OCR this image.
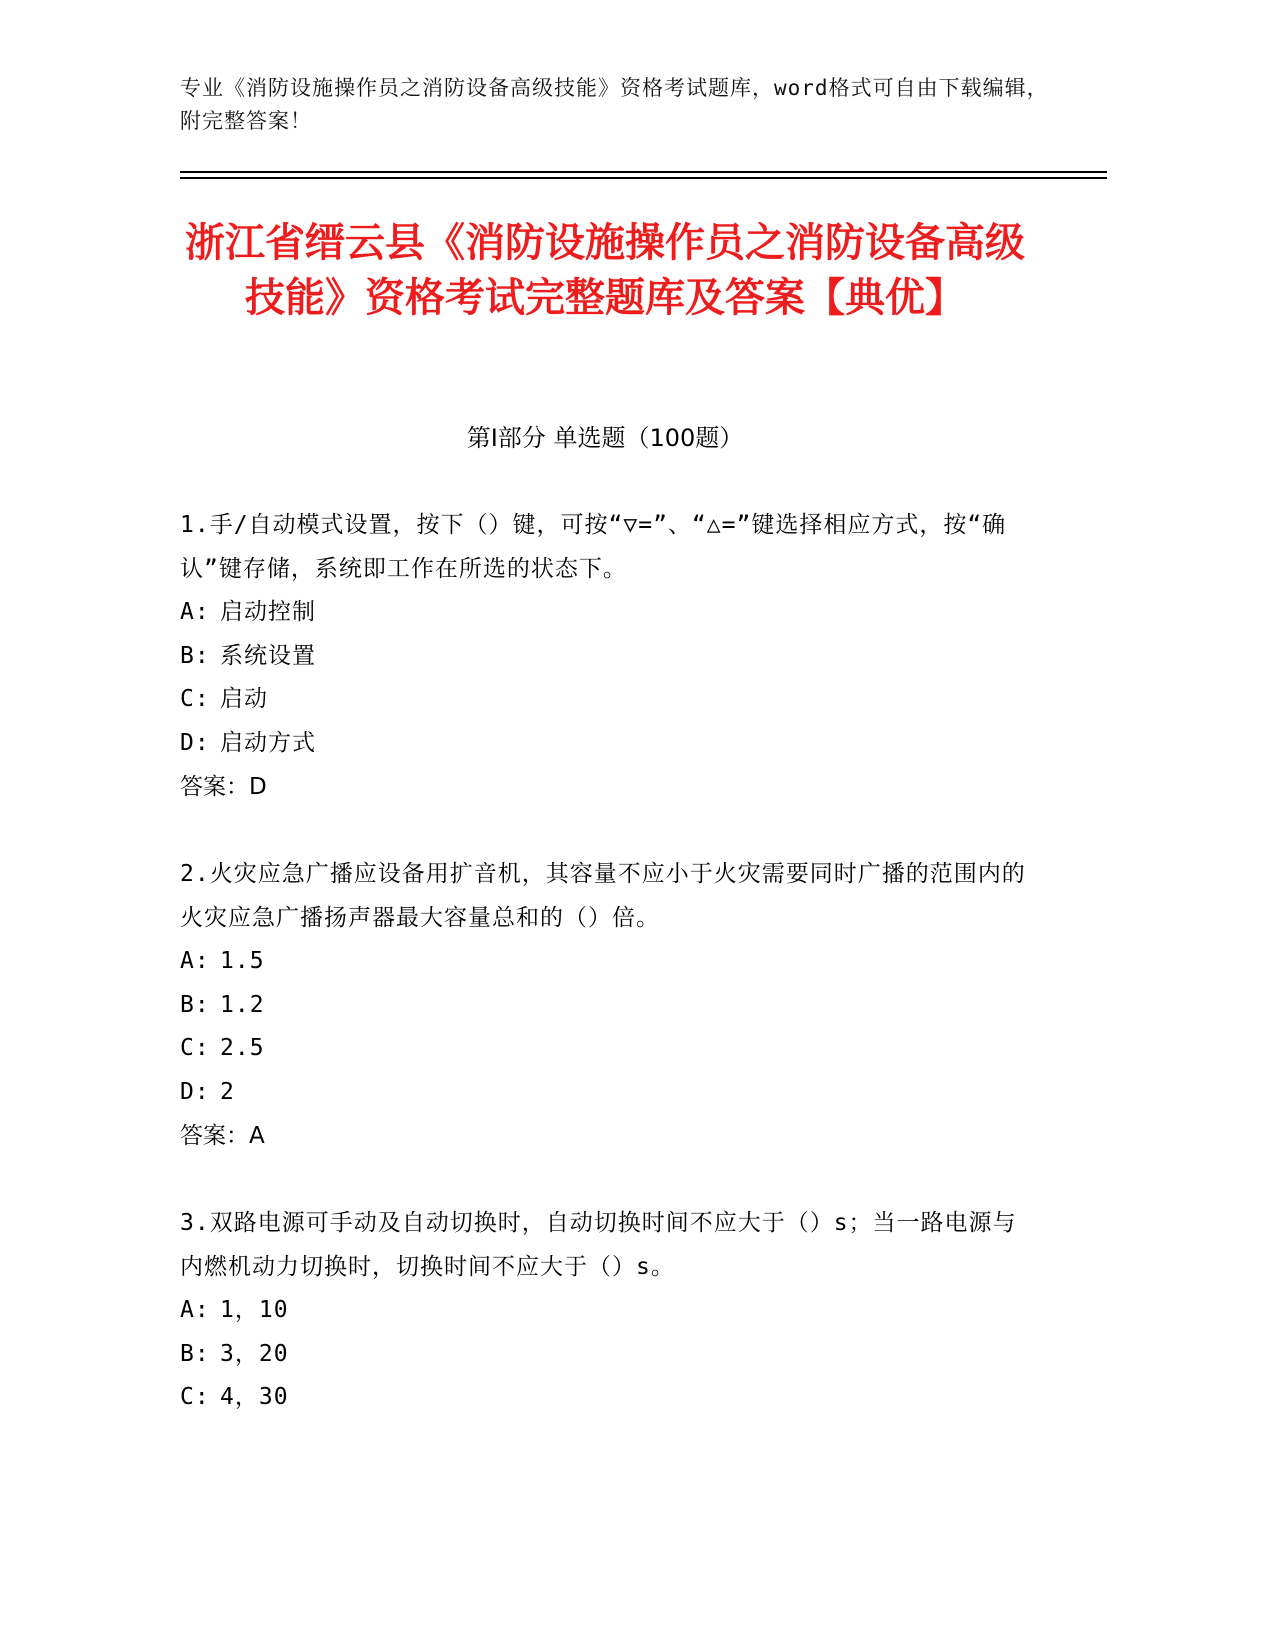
专业《消防设施操作员之消防设备高级技能》资格考试题库，word格式可自由下载编辑，附完整答案！
浙江省缙云县《消防设施操作员之消防设备高级技能》资格考试完整题库及答案【典优】
第Ⅰ部分 单选题（100题）
1.手/自动模式设置，按下（）键，可按“▽=”、“△=”键选择相应方式，按“确认”键存储，系统即工作在所选的状态下。
A: 启动控制
B: 系统设置
C: 启动
D: 启动方式
答案：D
2.火灾应急广播应设备用扩音机，其容量不应小于火灾需要同时广播的范围内的火灾应急广播扬声器最大容量总和的（）倍。
A: 1.5
B: 1.2
C: 2.5
D: 2
答案：A
3.双路电源可手动及自动切换时，自动切换时间不应大于（）s；当一路电源与内燃机动力切换时，切换时间不应大于（）s。
A: 1，10
B: 3，20
C: 4，30
